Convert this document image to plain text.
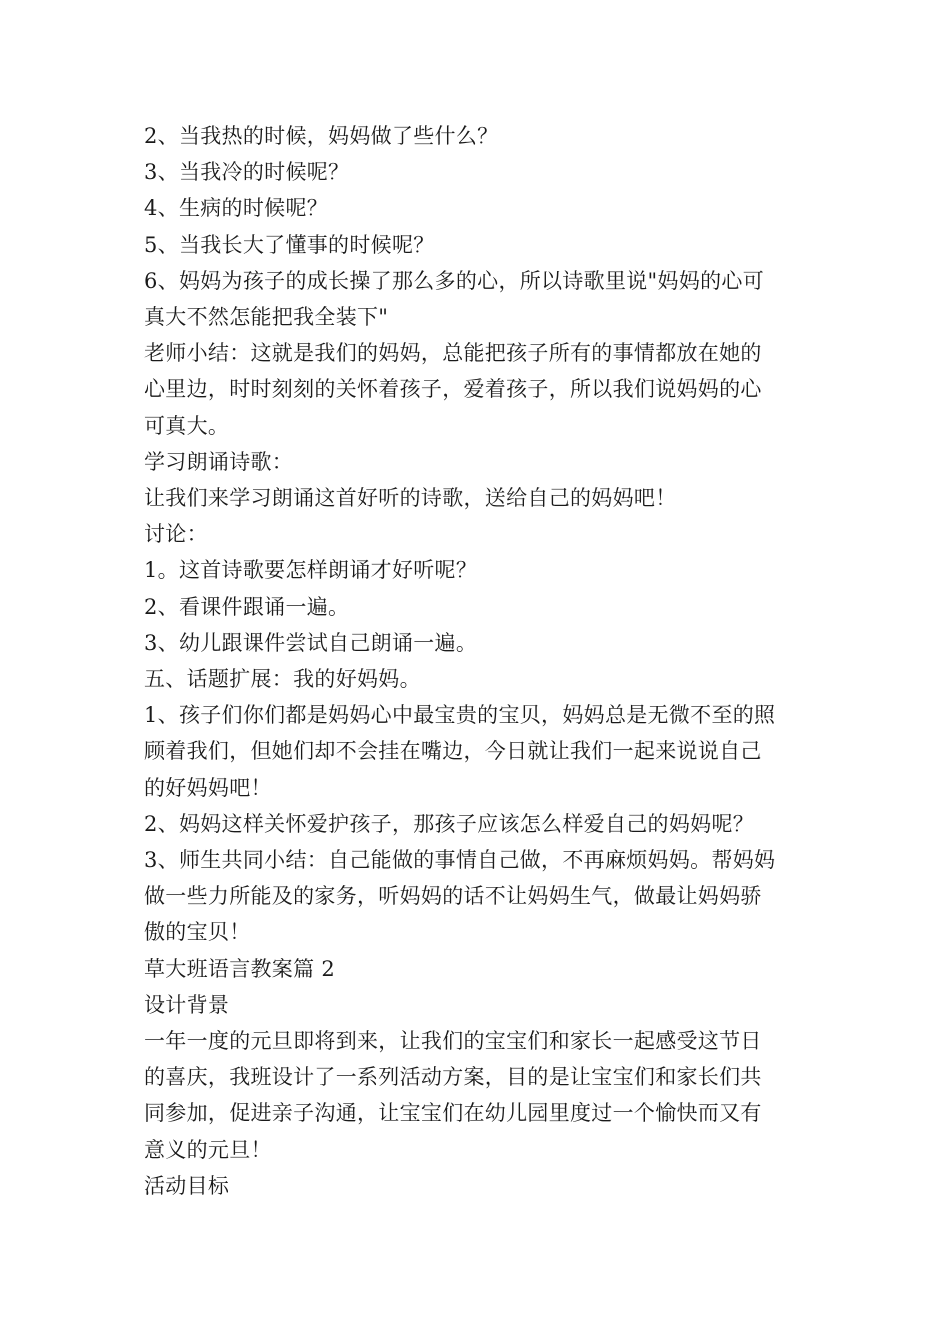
2、当我热的时候，妈妈做了些什么？

3、当我冷的时候呢？

4、生病的时候呢？

5、当我长大了懂事的时候呢？

6、妈妈为孩子的成长操了那么多的心，所以诗歌里说"妈妈的心可

真大不然怎能把我全装下"

老师小结：这就是我们的妈妈，总能把孩子所有的事情都放在她的

心里边，时时刻刻的关怀着孩子，爱着孩子，所以我们说妈妈的心

可真大。

学习朗诵诗歌：

让我们来学习朗诵这首好听的诗歌，送给自己的妈妈吧！

讨论：

1。这首诗歌要怎样朗诵才好听呢？

2、看课件跟诵一遍。

3、幼儿跟课件尝试自己朗诵一遍。

五、话题扩展：我的好妈妈。

1、孩子们你们都是妈妈心中最宝贵的宝贝，妈妈总是无微不至的照

顾着我们，但她们却不会挂在嘴边，今日就让我们一起来说说自己

的好妈妈吧！

2、妈妈这样关怀爱护孩子，那孩子应该怎么样爱自己的妈妈呢？

3、师生共同小结：自己能做的事情自己做，不再麻烦妈妈。帮妈妈

做一些力所能及的家务，听妈妈的话不让妈妈生气，做最让妈妈骄

傲的宝贝！

草大班语言教案篇 2

设计背景

一年一度的元旦即将到来，让我们的宝宝们和家长一起感受这节日

的喜庆，我班设计了一系列活动方案，目的是让宝宝们和家长们共

同参加，促进亲子沟通，让宝宝们在幼儿园里度过一个愉快而又有

意义的元旦！

活动目标
